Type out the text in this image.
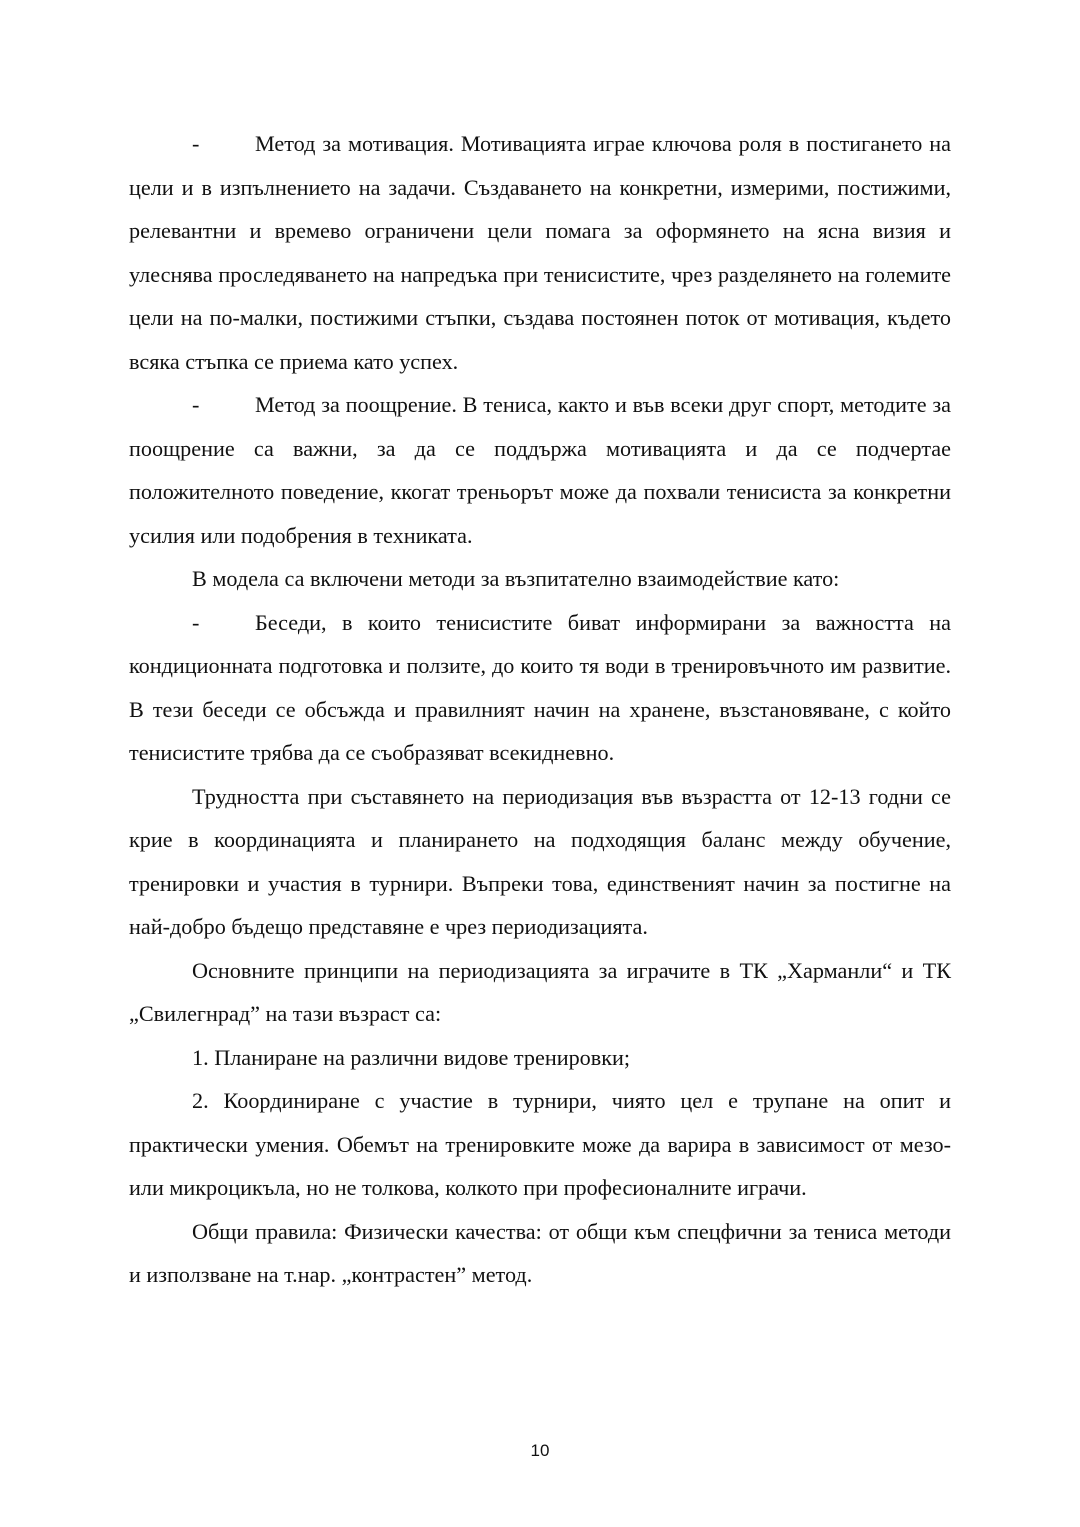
-	Метод за мотивация. Мотивацията играе ключова роля в постигането на цели и в изпълнението на задачи. Създаването на конкретни, измерими, постижими, релевантни и времево ограничени цели помага за оформянето на ясна визия и улеснява проследяването на напредъка при тенисистите, чрез разделянето на големите цели на по-малки, постижими стъпки, създава постоянен поток от мотивация, където всяка стъпка се приема като успех.

-	Метод за поощрение. В тениса, както и във всеки друг спорт, методите за поощрение са важни, за да се поддържа мотивацията и да се подчертае положителното поведение, ккогат треньорът може да похвали тенисиста за конкретни усилия или подобрения в техниката.

В модела са включени методи за възпитателно взаимодействие като:

-	Беседи, в които тенисистите биват информирани за важността на кондиционната подготовка и ползите, до които тя води в тренировъчното им развитие. В тези беседи се обсъжда и правилният начин на хранене, възстановяване, с който тенисистите трябва да се съобразяват всекидневно.

Трудността при съставянето на периодизация във възрастта от 12-13 годни се крие в координацията и планирането на подходящия баланс между обучение, тренировки и участия в турнири. Въпреки това, единственият начин за постигне на най-добро бъдещо представяне е чрез периодизацията.

Основните принципи на периодизацията за играчите в ТК „Харманли“ и ТК „Свилегнрад” на тази възраст са:

1. Планиране на различни видове тренировки;

2. Координиране с участие в турнири, чиято цел е трупане на опит и практически умения. Обемът на тренировките може да варира в зависимост от мезо- или микроцикъла, но не толкова, колкото при професионалните играчи.

Общи правила: Физически качества: от общи към спецфични за тениса методи и използване на т.нар. „контрастен” метод.

10
